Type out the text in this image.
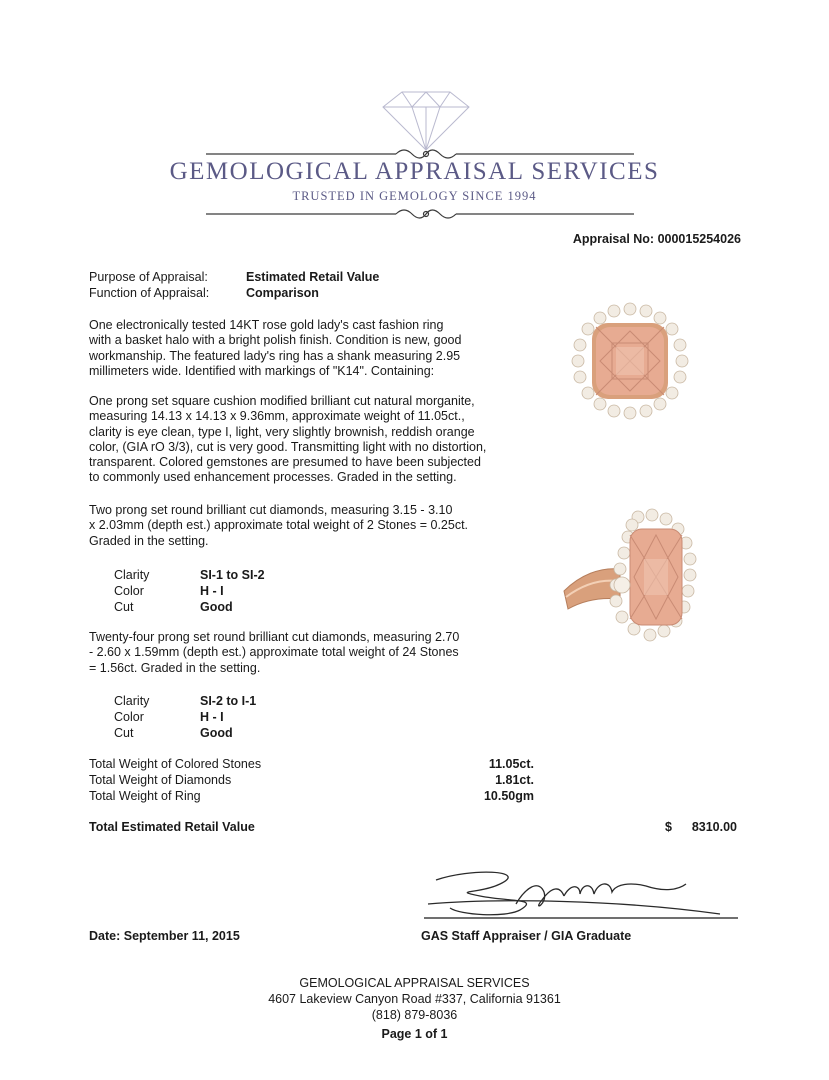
GEMOLOGICAL APPRAISAL SERVICES
TRUSTED IN GEMOLOGY SINCE 1994
Appraisal No: 000015254026
Purpose of Appraisal:	Estimated Retail Value
Function of Appraisal:	Comparison
One electronically tested 14KT rose gold lady's cast fashion ring
with a basket halo with a bright polish finish. Condition is new, good
workmanship. The featured lady's ring has a shank measuring 2.95
millimeters wide. Identified with markings of "K14". Containing:
One prong set square cushion modified brilliant cut natural morganite,
measuring 14.13 x 14.13 x 9.36mm, approximate weight of 11.05ct.,
clarity is eye clean, type I, light, very slightly brownish, reddish orange
color, (GIA rO 3/3), cut is very good. Transmitting light with no distortion,
transparent. Colored gemstones are presumed to have been subjected
to commonly used enhancement processes. Graded in the setting.
Two prong set round brilliant cut diamonds, measuring 3.15 - 3.10
x 2.03mm (depth est.) approximate total weight of 2 Stones = 0.25ct.
Graded in the setting.
Clarity	SI-1 to SI-2
Color	H - I
Cut	Good
Twenty-four prong set round brilliant cut diamonds, measuring 2.70
- 2.60 x 1.59mm (depth est.) approximate total weight of 24 Stones
= 1.56ct. Graded in the setting.
Clarity	SI-2 to I-1
Color	H - I
Cut	Good
Total Weight of Colored Stones	11.05ct.
Total Weight of Diamonds	1.81ct.
Total Weight of Ring	10.50gm
Total Estimated Retail Value	$ 8310.00
Date: September 11, 2015	GAS Staff Appraiser / GIA Graduate
GEMOLOGICAL APPRAISAL SERVICES
4607 Lakeview Canyon Road #337, California 91361
(818) 879-8036
Page 1 of 1
